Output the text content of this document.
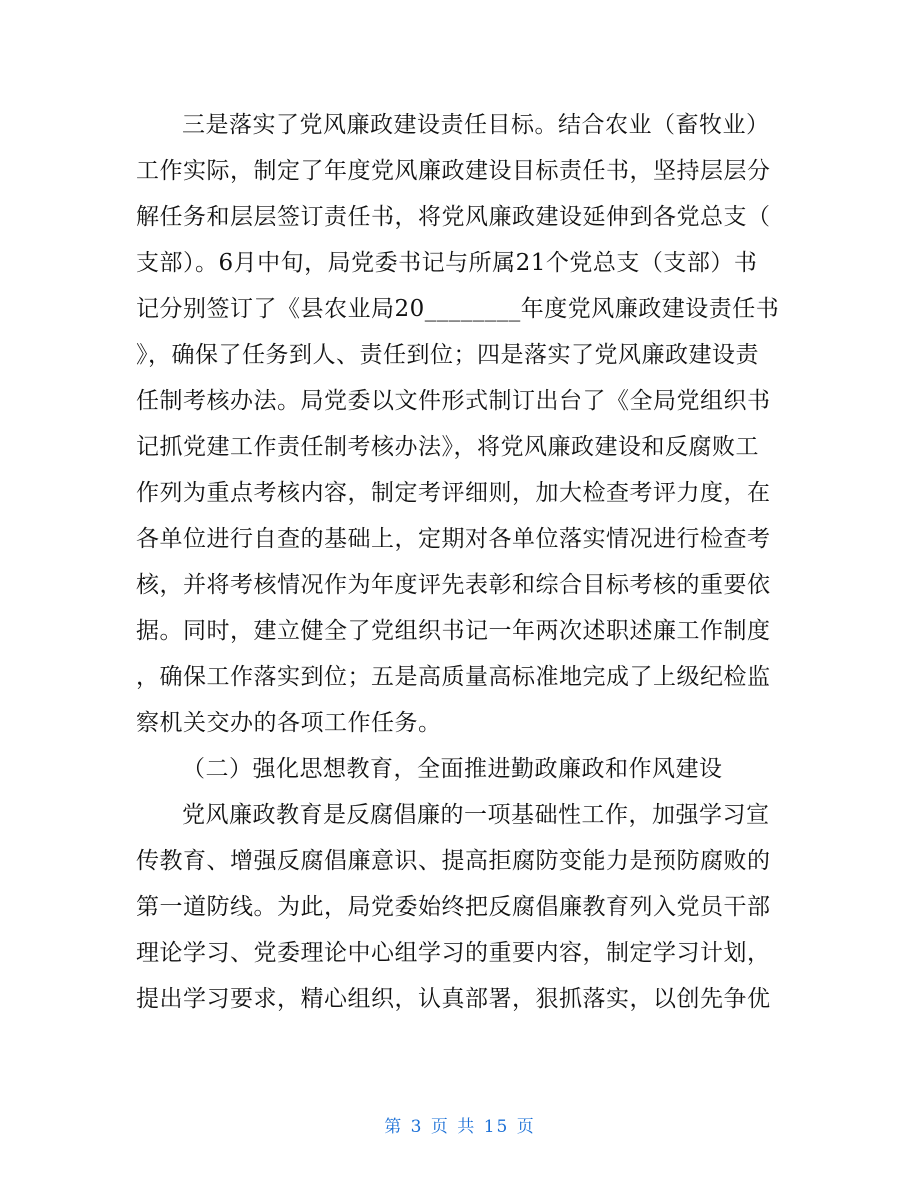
三是落实了党风廉政建设责任目标。结合农业（畜牧业）
工作实际，制定了年度党风廉政建设目标责任书，坚持层层分
解任务和层层签订责任书，将党风廉政建设延伸到各党总支（
支部）。6月中旬，局党委书记与所属21个党总支（支部）书
记分别签订了《县农业局20________年度党风廉政建设责任书
》，确保了任务到人、责任到位；四是落实了党风廉政建设责
任制考核办法。局党委以文件形式制订出台了《全局党组织书
记抓党建工作责任制考核办法》，将党风廉政建设和反腐败工
作列为重点考核内容，制定考评细则，加大检查考评力度，在
各单位进行自查的基础上，定期对各单位落实情况进行检查考
核，并将考核情况作为年度评先表彰和综合目标考核的重要依
据。同时，建立健全了党组织书记一年两次述职述廉工作制度
，确保工作落实到位；五是高质量高标准地完成了上级纪检监
察机关交办的各项工作任务。
（二）强化思想教育，全面推进勤政廉政和作风建设
党风廉政教育是反腐倡廉的一项基础性工作，加强学习宣
传教育、增强反腐倡廉意识、提高拒腐防变能力是预防腐败的
第一道防线。为此，局党委始终把反腐倡廉教育列入党员干部
理论学习、党委理论中心组学习的重要内容，制定学习计划，
提出学习要求，精心组织，认真部署，狠抓落实，以创先争优
第 3 页 共 15 页
